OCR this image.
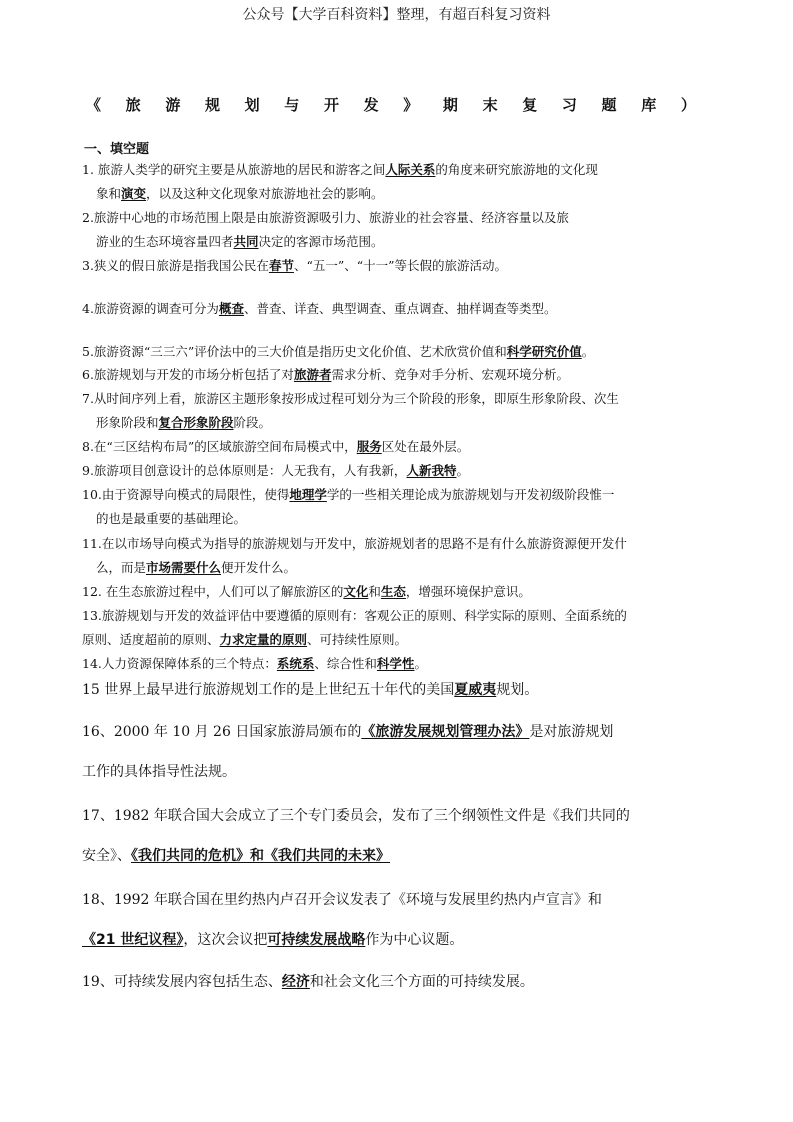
公众号【大学百科资料】整理，有超百科复习资料
《 旅 游 规 划 与 开 发 》 期 末 复 习 题 库 ）
一、填空题
1. 旅游人类学的研究主要是从旅游地的居民和游客之间人际关系的角度来研究旅游地的文化现
象和演变，以及这种文化现象对旅游地社会的影响。
2.旅游中心地的市场范围上限是由旅游资源吸引力、旅游业的社会容量、经济容量以及旅
游业的生态环境容量四者共同决定的客源市场范围。
3.狭义的假日旅游是指我国公民在春节、“五一”、“十一”等长假的旅游活动。
4.旅游资源的调查可分为概查、普查、详查、典型调查、重点调查、抽样调查等类型。
5.旅游资源“三三六”评价法中的三大价值是指历史文化价值、艺术欣赏价值和科学研究价值。
6.旅游规划与开发的市场分析包括了对旅游者需求分析、竞争对手分析、宏观环境分析。
7.从时间序列上看，旅游区主题形象按形成过程可划分为三个阶段的形象，即原生形象阶段、次生
形象阶段和复合形象阶段阶段。
8.在“三区结构布局”的区域旅游空间布局模式中，服务区处在最外层。
9.旅游项目创意设计的总体原则是：人无我有，人有我新，人新我特。
10.由于资源导向模式的局限性，使得地理学学的一些相关理论成为旅游规划与开发初级阶段惟一
的也是最重要的基础理论。
11.在以市场导向模式为指导的旅游规划与开发中，旅游规划者的思路不是有什么旅游资源便开发什
么，而是市场需要什么便开发什么。
12. 在生态旅游过程中，人们可以了解旅游区的文化和生态，增强环境保护意识。
13.旅游规划与开发的效益评估中要遵循的原则有：客观公正的原则、科学实际的原则、全面系统的
原则、适度超前的原则、力求定量的原则、可持续性原则。
14.人力资源保障体系的三个特点：系统系、综合性和科学性。
15 世界上最早进行旅游规划工作的是上世纪五十年代的美国夏威夷规划。
16、2000 年 10 月 26 日国家旅游局颁布的《旅游发展规划管理办法》是对旅游规划
工作的具体指导性法规。
17、1982 年联合国大会成立了三个专门委员会，发布了三个纲领性文件是《我们共同的
安全》、《我们共同的危机》和《我们共同的未来》
18、1992 年联合国在里约热内卢召开会议发表了《环境与发展里约热内卢宣言》和
《21 世纪议程》，这次会议把可持续发展战略作为中心议题。
19、可持续发展内容包括生态、经济和社会文化三个方面的可持续发展。
